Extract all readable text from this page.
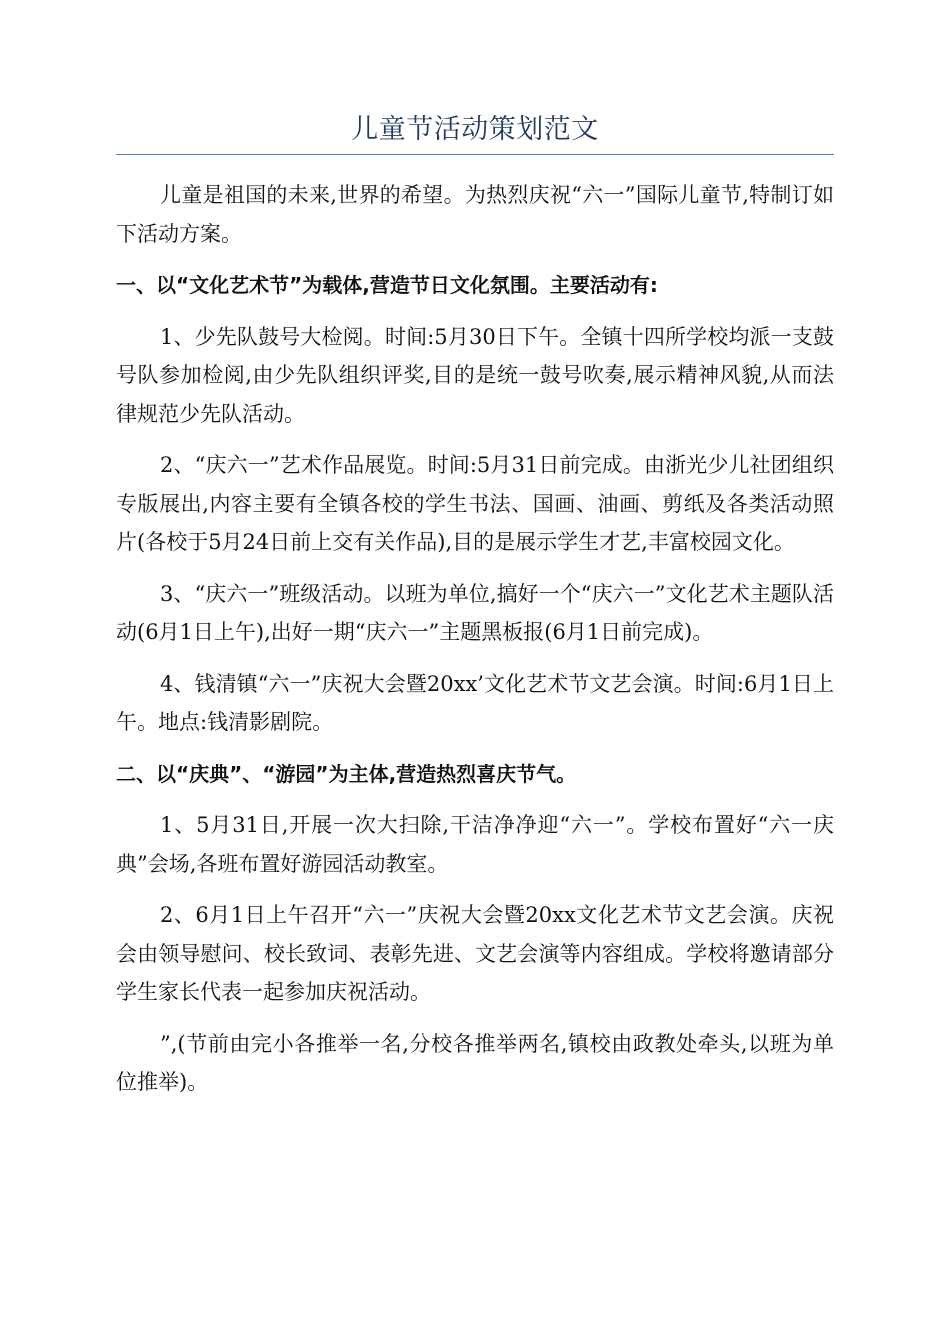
儿童节活动策划范文

儿童是祖国的未来,世界的希望。为热烈庆祝“六一”国际儿童节,特制订如下活动方案。

一、以“文化艺术节”为载体,营造节日文化氛围。主要活动有:

1、少先队鼓号大检阅。时间:5月30日下午。全镇十四所学校均派一支鼓号队参加检阅,由少先队组织评奖,目的是统一鼓号吹奏,展示精神风貌,从而法律规范少先队活动。

2、“庆六一”艺术作品展览。时间:5月31日前完成。由浙光少儿社团组织专版展出,内容主要有全镇各校的学生书法、国画、油画、剪纸及各类活动照片(各校于5月24日前上交有关作品),目的是展示学生才艺,丰富校园文化。

3、“庆六一”班级活动。以班为单位,搞好一个“庆六一”文化艺术主题队活动(6月1日上午),出好一期“庆六一”主题黑板报(6月1日前完成)。

4、钱清镇“六一”庆祝大会暨20xx’文化艺术节文艺会演。时间:6月1日上午。地点:钱清影剧院。

二、以“庆典”、“游园”为主体,营造热烈喜庆节气。

1、5月31日,开展一次大扫除,干洁净净迎“六一”。学校布置好“六一庆典”会场,各班布置好游园活动教室。

2、6月1日上午召开“六一”庆祝大会暨20xx文化艺术节文艺会演。庆祝会由领导慰问、校长致词、表彰先进、文艺会演等内容组成。学校将邀请部分学生家长代表一起参加庆祝活动。

”,(节前由完小各推举一名,分校各推举两名,镇校由政教处牵头,以班为单位推举)。
